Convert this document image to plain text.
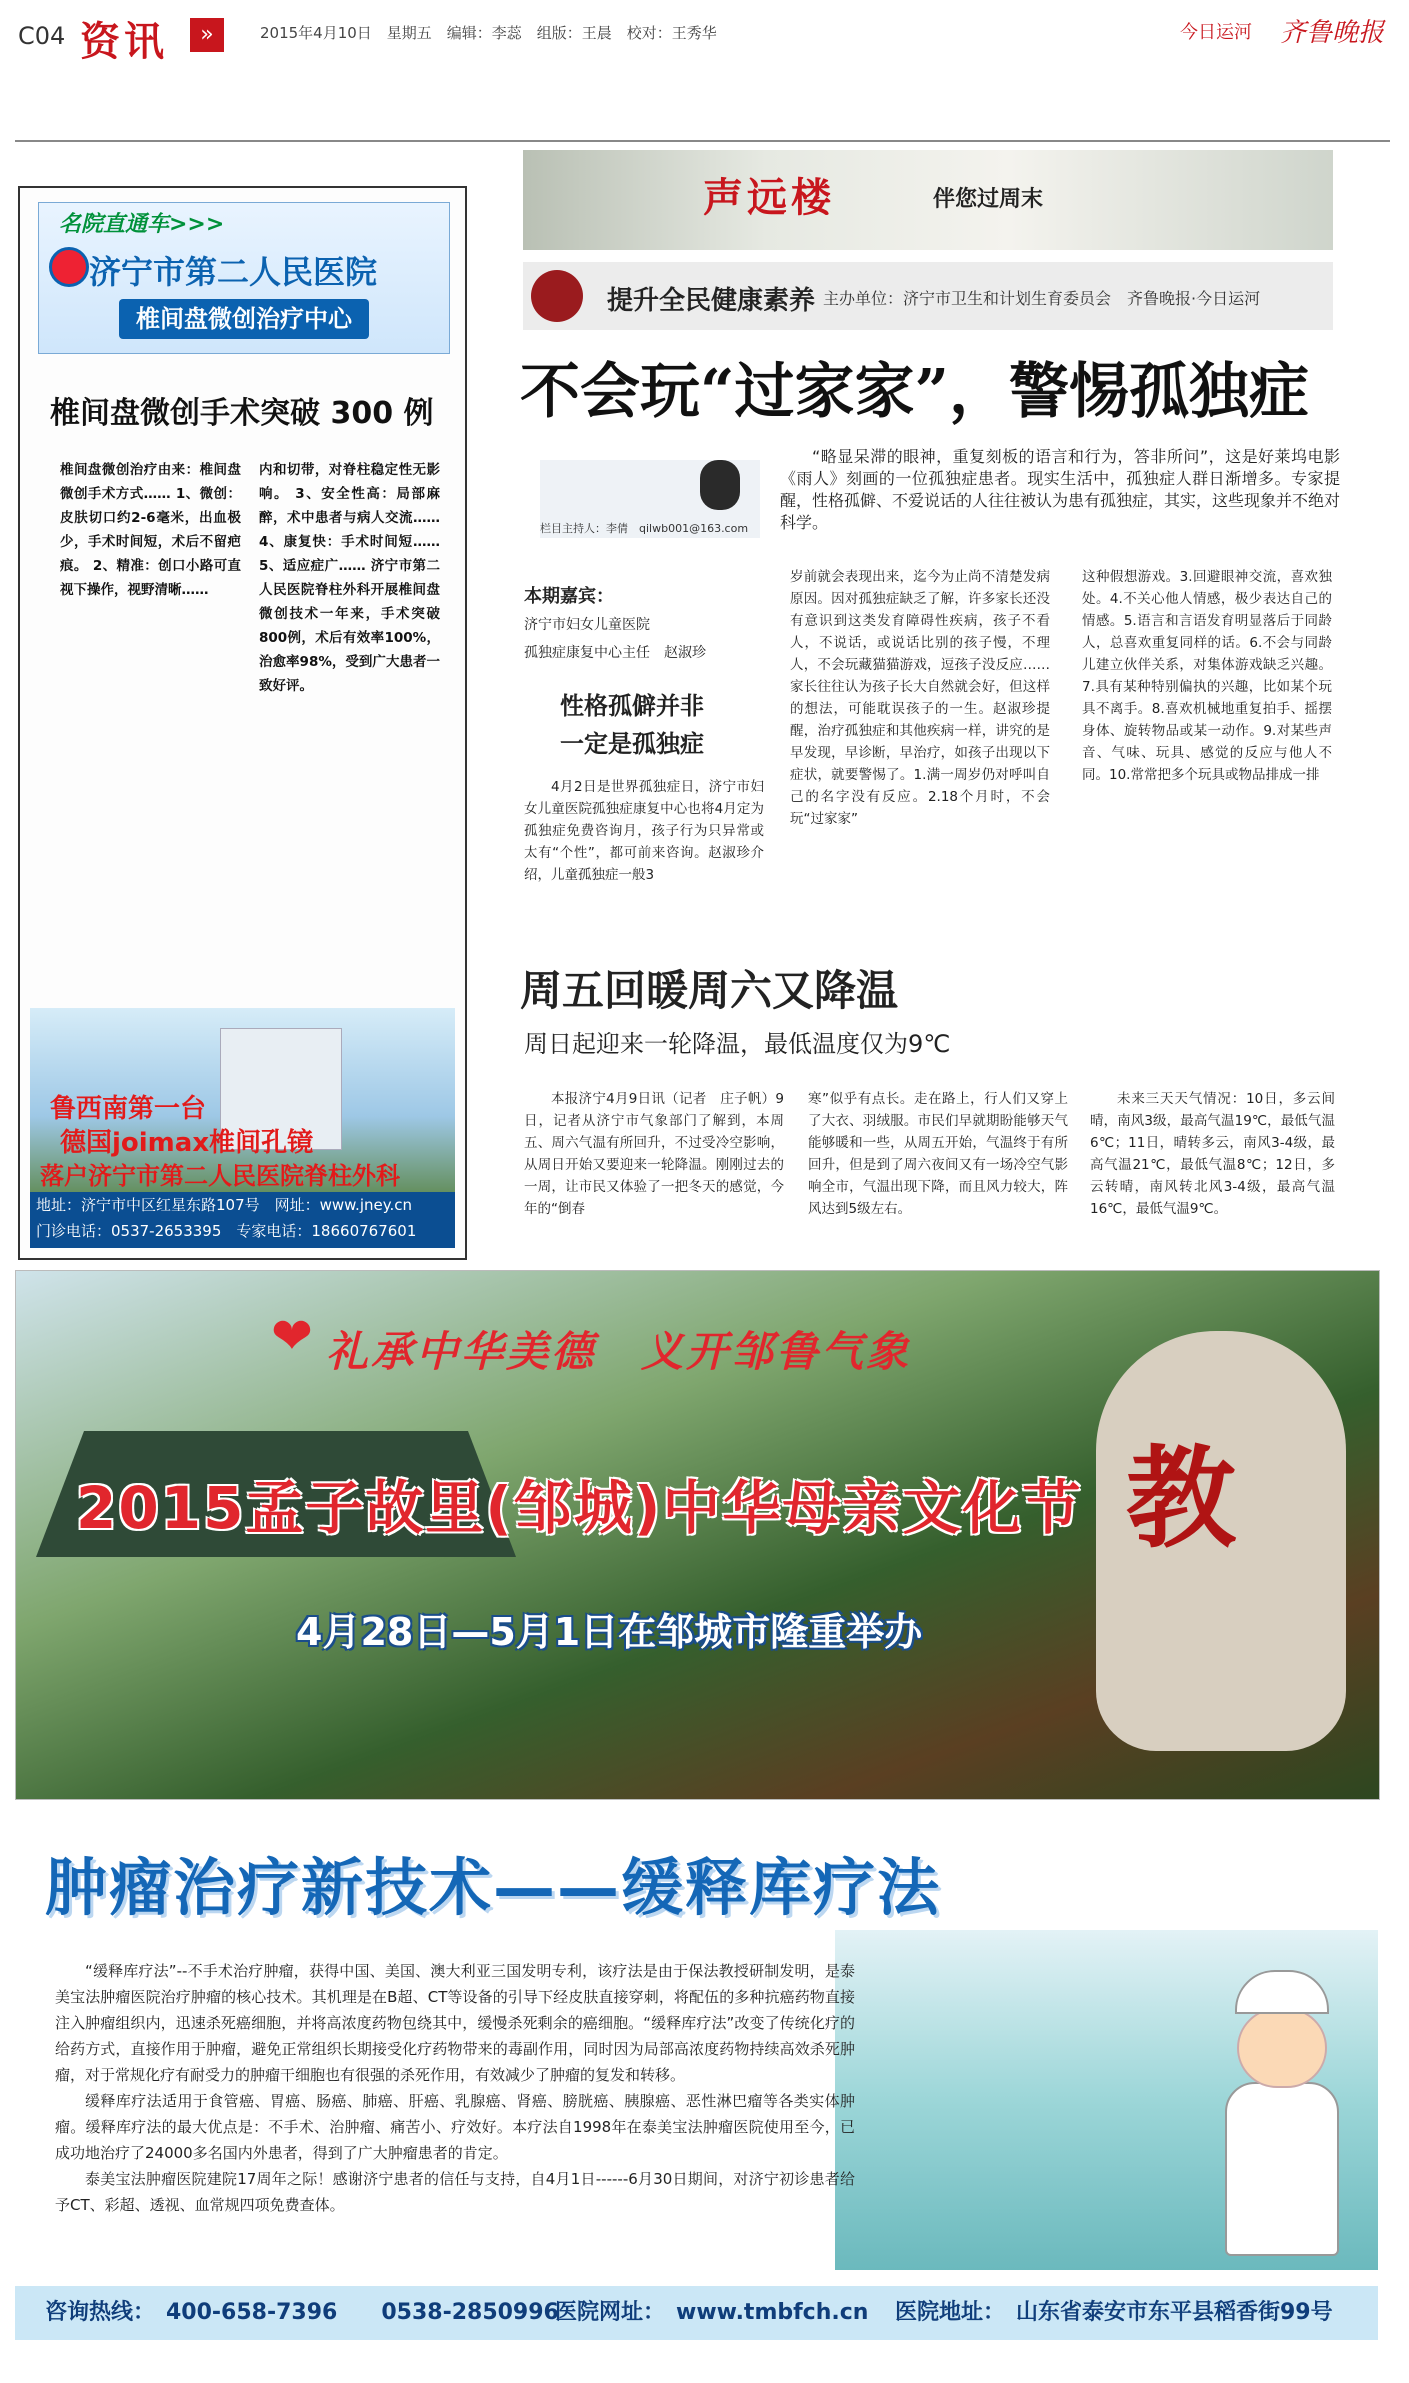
C04 资讯	»	2015年4月10日　星期五　编辑：李蕊　组版：王晨　校对：王秀华	今日运河 齐鲁晚报
名院直通车>>>
济宁市第二人民医院
椎间盘微创治疗中心
椎间盘微创手术突破 300 例
椎间盘微创治疗由来：椎间盘微创手术方式…… 1、微创：皮肤切口约2-6毫米，出血极少，手术时间短，术后不留疤痕。 2、精准：创口小路可直视下操作，视野清晰……
内和切带，对脊柱稳定性无影响。 3、安全性高：局部麻醉，术中患者与病人交流…… 4、康复快：手术时间短…… 5、适应症广…… 济宁市第二人民医院脊柱外科开展椎间盘微创技术一年来，手术突破800例，术后有效率100%，治愈率98%，受到广大患者一致好评。
鲁西南第一台
德国joimax椎间孔镜
落户济宁市第二人民医院脊柱外科
地址：济宁市中区红星东路107号　网址：www.jney.cn
门诊电话：0537-2653395　专家电话：18660767601
声远楼	伴您过周末
提升全民健康素养 主办单位：济宁市卫生和计划生育委员会　齐鲁晚报·今日运河
不会玩“过家家”，警惕孤独症
栏目主持人：李倩　qilwb001@163.com
“略显呆滞的眼神，重复刻板的语言和行为，答非所问”，这是好莱坞电影《雨人》刻画的一位孤独症患者。现实生活中，孤独症人群日渐增多。专家提醒，性格孤僻、不爱说话的人往往被认为患有孤独症，其实，这些现象并不绝对科学。
本期嘉宾：
济宁市妇女儿童医院
孤独症康复中心主任　赵淑珍
性格孤僻并非
一定是孤独症
4月2日是世界孤独症日，济宁市妇女儿童医院孤独症康复中心也将4月定为孤独症免费咨询月，孩子行为只异常或太有“个性”，都可前来咨询。赵淑珍介绍，儿童孤独症一般3
岁前就会表现出来，迄今为止尚不清楚发病原因。因对孤独症缺乏了解，许多家长还没有意识到这类发育障碍性疾病，孩子不看人，不说话，或说话比别的孩子慢，不理人，不会玩藏猫猫游戏，逗孩子没反应……家长往往认为孩子长大自然就会好，但这样的想法，可能耽误孩子的一生。赵淑珍提醒，治疗孤独症和其他疾病一样，讲究的是早发现，早诊断，早治疗，如孩子出现以下症状，就要警惕了。1.满一周岁仍对呼叫自己的名字没有反应。2.18个月时，不会玩“过家家”
这种假想游戏。3.回避眼神交流，喜欢独处。4.不关心他人情感，极少表达自己的情感。5.语言和言语发育明显落后于同龄人，总喜欢重复同样的话。6.不会与同龄儿建立伙伴关系，对集体游戏缺乏兴趣。7.具有某种特别偏执的兴趣，比如某个玩具不离手。8.喜欢机械地重复拍手、摇摆身体、旋转物品或某一动作。9.对某些声音、气味、玩具、感觉的反应与他人不同。10.常常把多个玩具或物品排成一排
周五回暖周六又降温
周日起迎来一轮降温，最低温度仅为9℃
本报济宁4月9日讯（记者　庄子帆）9日，记者从济宁市气象部门了解到，本周五、周六气温有所回升，不过受冷空影响，从周日开始又要迎来一轮降温。刚刚过去的一周，让市民又体验了一把冬天的感觉，今年的“倒春
寒”似乎有点长。走在路上，行人们又穿上了大衣、羽绒服。市民们早就期盼能够天气能够暖和一些，从周五开始，气温终于有所回升，但是到了周六夜间又有一场冷空气影响全市，气温出现下降，而且风力较大，阵风达到5级左右。
未来三天天气情况：10日，多云间晴，南风3级，最高气温19℃，最低气温6℃；11日，晴转多云，南风3-4级，最高气温21℃，最低气温8℃；12日，多云转晴，南风转北风3-4级，最高气温16℃，最低气温9℃。
❤ 礼承中华美德　义开邹鲁气象
教
2015孟子故里(邹城)中华母亲文化节
4月28日—5月1日在邹城市隆重举办
肿瘤治疗新技术——缓释库疗法

“缓释库疗法”--不手术治疗肿瘤，获得中国、美国、澳大利亚三国发明专利，该疗法是由于保法教授研制发明，是泰美宝法肿瘤医院治疗肿瘤的核心技术。其机理是在B超、CT等设备的引导下经皮肤直接穿刺，将配伍的多种抗癌药物直接注入肿瘤组织内，迅速杀死癌细胞，并将高浓度药物包绕其中，缓慢杀死剩余的癌细胞。“缓释库疗法”改变了传统化疗的给药方式，直接作用于肿瘤，避免正常组织长期接受化疗药物带来的毒副作用，同时因为局部高浓度药物持续高效杀死肿瘤，对于常规化疗有耐受力的肿瘤干细胞也有很强的杀死作用，有效减少了肿瘤的复发和转移。

缓释库疗法适用于食管癌、胃癌、肠癌、肺癌、肝癌、乳腺癌、肾癌、膀胱癌、胰腺癌、恶性淋巴瘤等各类实体肿瘤。缓释库疗法的最大优点是：不手术、治肿瘤、痛苦小、疗效好。本疗法自1998年在泰美宝法肿瘤医院使用至今，已成功地治疗了24000多名国内外患者，得到了广大肿瘤患者的肯定。

泰美宝法肿瘤医院建院17周年之际！感谢济宁患者的信任与支持，自4月1日------6月30日期间，对济宁初诊患者给予CT、彩超、透视、血常规四项免费查体。

咨询热线：　400-658-7396　　0538-2850996
医院网址：　www.tmbfch.cn 医院地址：　山东省泰安市东平县稻香街99号
